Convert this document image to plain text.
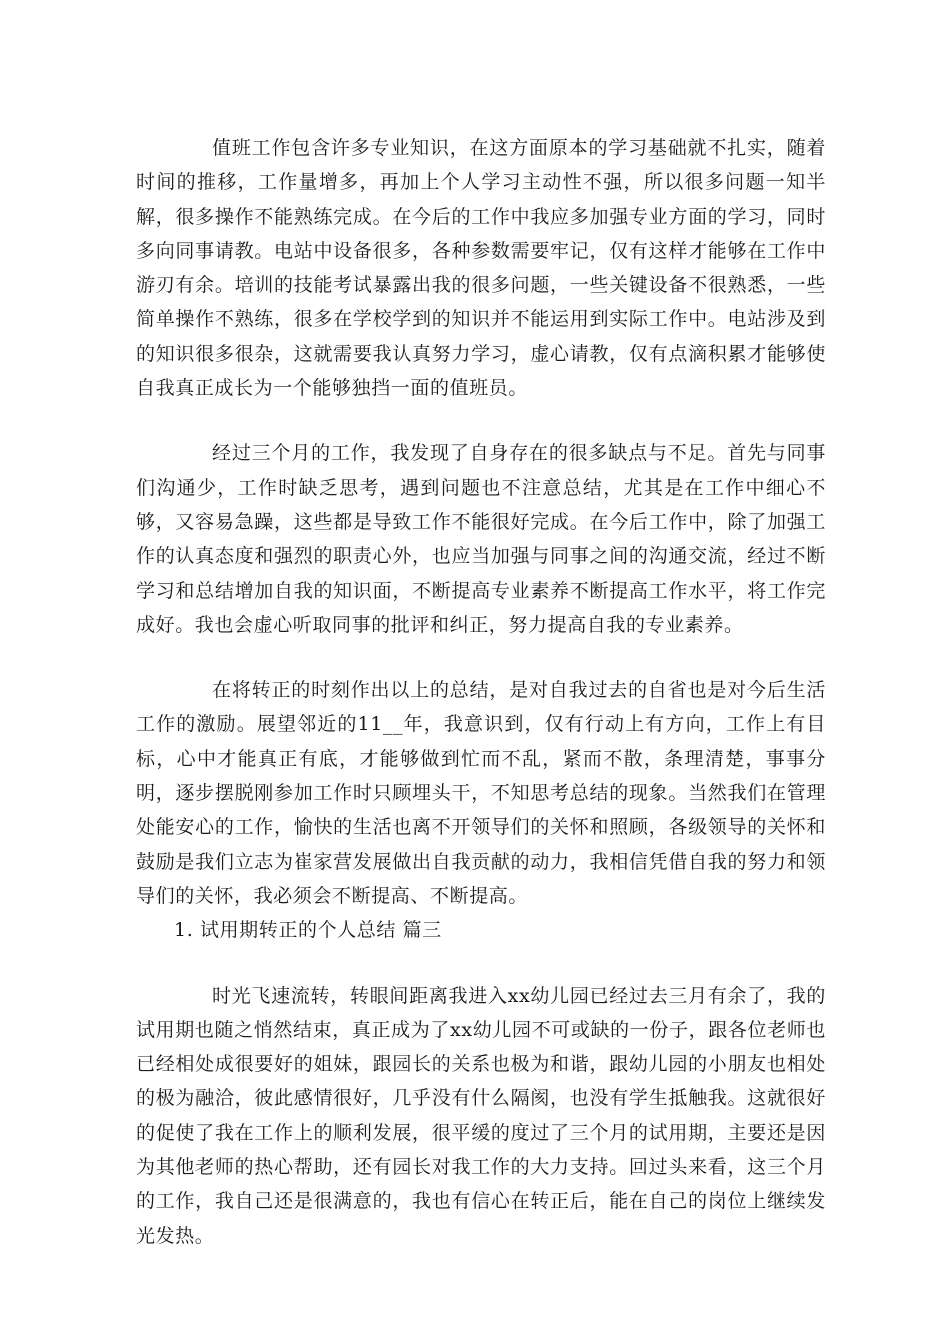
值班工作包含许多专业知识，在这方面原本的学习基础就不扎实，随着时间的推移，工作量增多，再加上个人学习主动性不强，所以很多问题一知半解，很多操作不能熟练完成。在今后的工作中我应多加强专业方面的学习，同时多向同事请教。电站中设备很多，各种参数需要牢记，仅有这样才能够在工作中游刃有余。培训的技能考试暴露出我的很多问题，一些关键设备不很熟悉，一些简单操作不熟练，很多在学校学到的知识并不能运用到实际工作中。电站涉及到的知识很多很杂，这就需要我认真努力学习，虚心请教，仅有点滴积累才能够使自我真正成长为一个能够独挡一面的值班员。

经过三个月的工作，我发现了自身存在的很多缺点与不足。首先与同事们沟通少，工作时缺乏思考，遇到问题也不注意总结，尤其是在工作中细心不够，又容易急躁，这些都是导致工作不能很好完成。在今后工作中，除了加强工作的认真态度和强烈的职责心外，也应当加强与同事之间的沟通交流，经过不断学习和总结增加自我的知识面，不断提高专业素养不断提高工作水平，将工作完成好。我也会虚心听取同事的批评和纠正，努力提高自我的专业素养。

在将转正的时刻作出以上的总结，是对自我过去的自省也是对今后生活工作的激励。展望邻近的11__年，我意识到，仅有行动上有方向，工作上有目标，心中才能真正有底，才能够做到忙而不乱，紧而不散，条理清楚，事事分明，逐步摆脱刚参加工作时只顾埋头干，不知思考总结的现象。当然我们在管理处能安心的工作，愉快的生活也离不开领导们的关怀和照顾，各级领导的关怀和鼓励是我们立志为崔家营发展做出自我贡献的动力，我相信凭借自我的努力和领导们的关怀，我必须会不断提高、不断提高。

1. 试用期转正的个人总结 篇三

时光飞速流转，转眼间距离我进入xx幼儿园已经过去三月有余了，我的试用期也随之悄然结束，真正成为了xx幼儿园不可或缺的一份子，跟各位老师也已经相处成很要好的姐妹，跟园长的关系也极为和谐，跟幼儿园的小朋友也相处的极为融洽，彼此感情很好，几乎没有什么隔阂，也没有学生抵触我。这就很好的促使了我在工作上的顺利发展，很平缓的度过了三个月的试用期，主要还是因为其他老师的热心帮助，还有园长对我工作的大力支持。回过头来看，这三个月的工作，我自己还是很满意的，我也有信心在转正后，能在自己的岗位上继续发光发热。
